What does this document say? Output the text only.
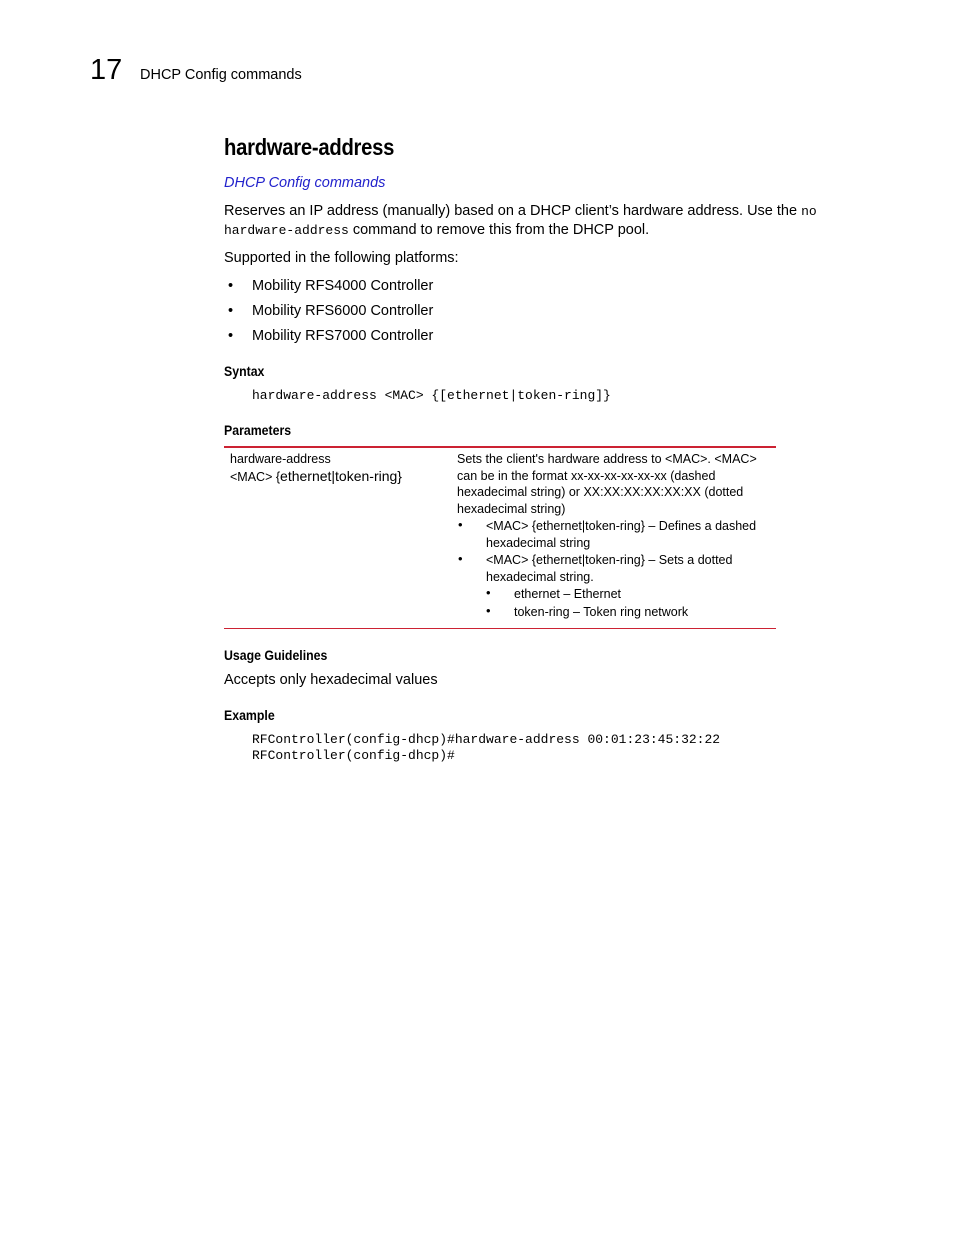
17 DHCP Config commands
hardware-address
DHCP Config commands
Reserves an IP address (manually) based on a DHCP client’s hardware address. Use the no
hardware-address command to remove this from the DHCP pool.
Supported in the following platforms:
• Mobility RFS4000 Controller
• Mobility RFS6000 Controller
• Mobility RFS7000 Controller
Syntax
hardware-address <MAC> {[ethernet|token-ring]}
Parameters
hardware-address
<MAC> {ethernet|token-ring}
Sets the client's hardware address to <MAC>. <MAC>
can be in the format xx-xx-xx-xx-xx-xx (dashed
hexadecimal string) or XX:XX:XX:XX:XX:XX (dotted
hexadecimal string)
• <MAC> {ethernet|token-ring} – Defines a dashed
hexadecimal string
• <MAC> {ethernet|token-ring} – Sets a dotted
hexadecimal string.
•	ethernet – Ethernet
•	token-ring – Token ring network
Usage Guidelines
Accepts only hexadecimal values
Example
RFController(config-dhcp)#hardware-address 00:01:23:45:32:22
RFController(config-dhcp)#
